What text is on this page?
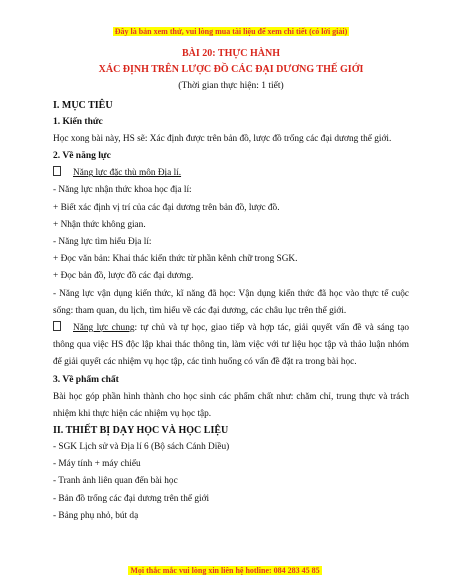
Đây là bản xem thử, vui lòng mua tài liệu để xem chi tiết (có lời giải)
BÀI 20: THỰC HÀNH
XÁC ĐỊNH TRÊN LƯỢC ĐỒ CÁC ĐẠI DƯƠNG THẾ GIỚI
(Thời gian thực hiện: 1 tiết)
I. MỤC TIÊU
1. Kiến thức
Học xong bài này, HS sẽ: Xác định được trên bản đồ, lược đồ trống các đại dương thế giới.
2. Về năng lực
Năng lực đặc thù môn Địa lí.
- Năng lực nhận thức khoa học địa lí:
+ Biết xác định vị trí của các đại dương trên bản đồ, lược đồ.
+ Nhận thức không gian.
- Năng lực tìm hiểu Địa lí:
+ Đọc văn bản: Khai thác kiến thức từ phần kênh chữ trong SGK.
+ Đọc bản đồ, lược đồ các đại dương.
- Năng lực vận dụng kiến thức, kĩ năng đã học: Vận dụng kiến thức đã học vào thực tế cuộc sống: tham quan, du lịch, tìm hiểu về các đại dương, các châu lục trên thế giới.
Năng lực chung: tự chủ và tự học, giao tiếp và hợp tác, giải quyết vấn đề và sáng tạo thông qua việc HS độc lập khai thác thông tin, làm việc với tư liệu học tập và thảo luận nhóm để giải quyết các nhiệm vụ học tập, các tình huống có vấn đề đặt ra trong bài học.
3. Về phẩm chất
Bài học góp phần hình thành cho học sinh các phẩm chất như: chăm chỉ, trung thực và trách nhiệm khi thực hiện các nhiệm vụ học tập.
II. THIẾT BỊ DẠY HỌC VÀ HỌC LIỆU
- SGK Lịch sử và Địa lí 6 (Bộ sách Cánh Diều)
- Máy tính + máy chiếu
- Tranh ảnh liên quan đến bài học
- Bản đồ trống các đại dương trên thế giới
- Bảng phụ nhỏ, bút dạ
Mọi thắc mắc vui lòng xin liên hệ hotline: 084 283 45 85
